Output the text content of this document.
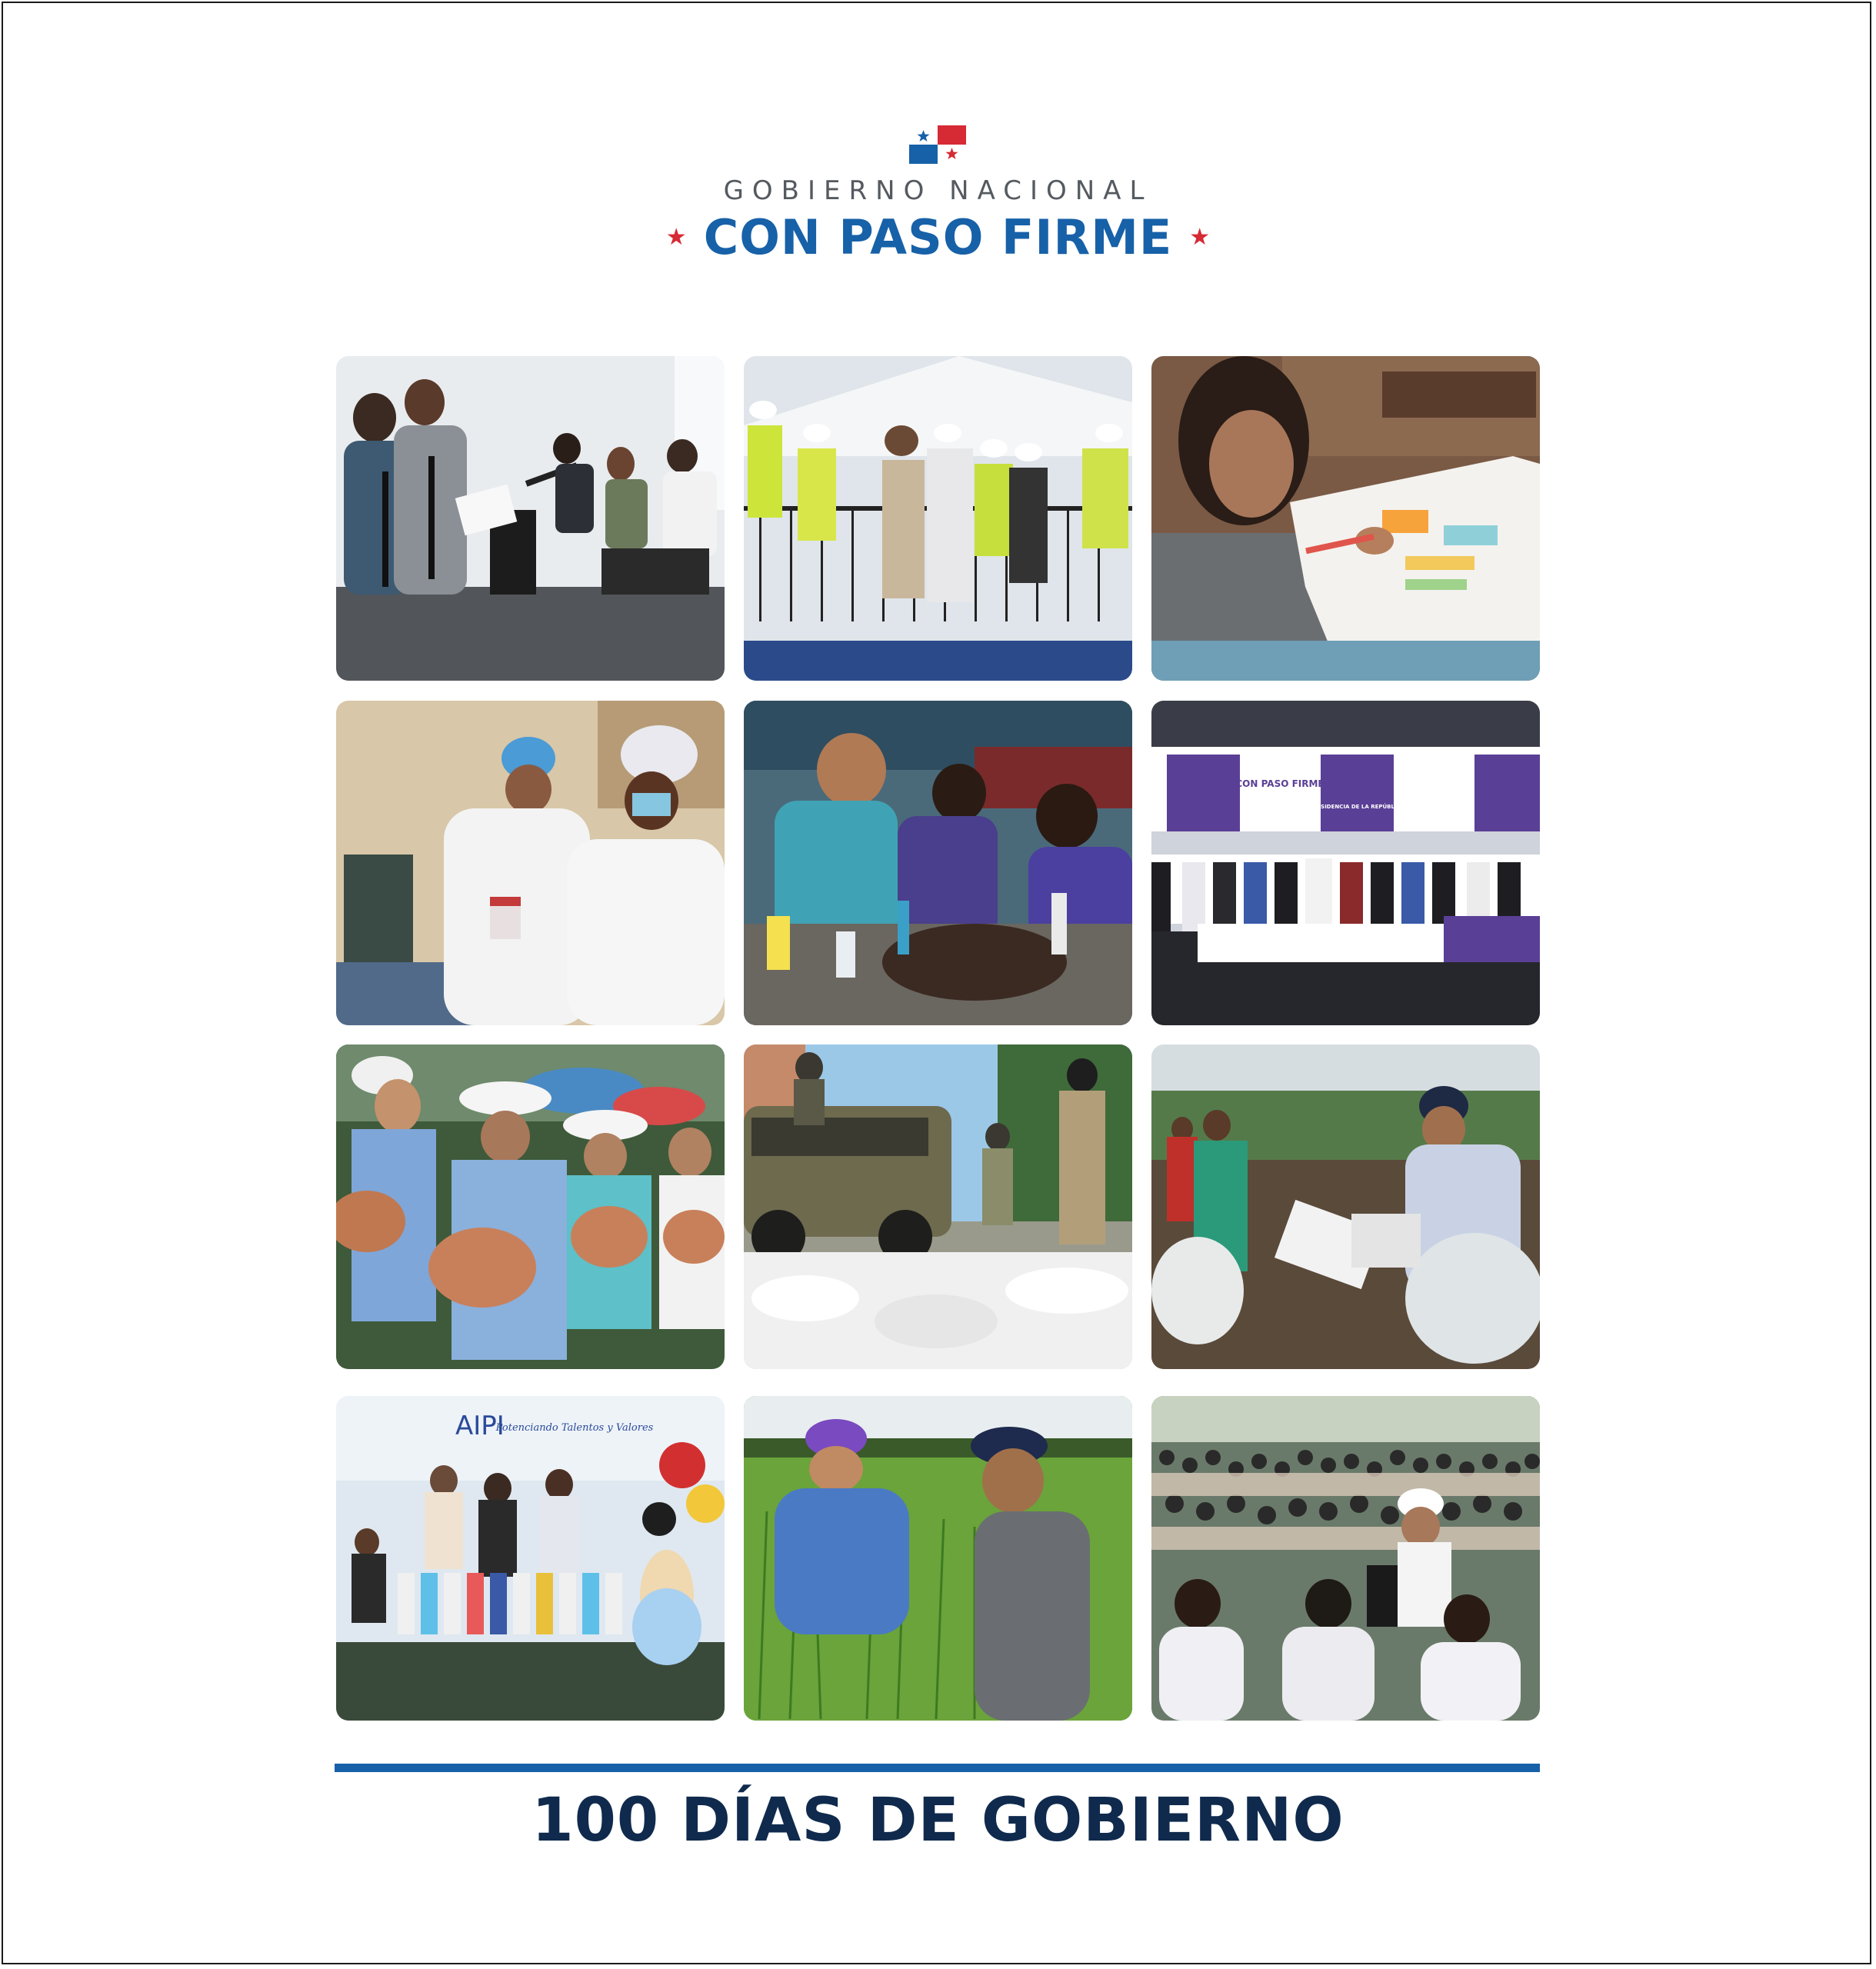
GOBIERNO NACIONAL
★ CON PASO FIRME ★
CON PASO FIRME
PRESIDENCIA DE LA REPÚBLICA
AIPI
Potenciando Talentos y Valores
100 DÍAS DE GOBIERNO
